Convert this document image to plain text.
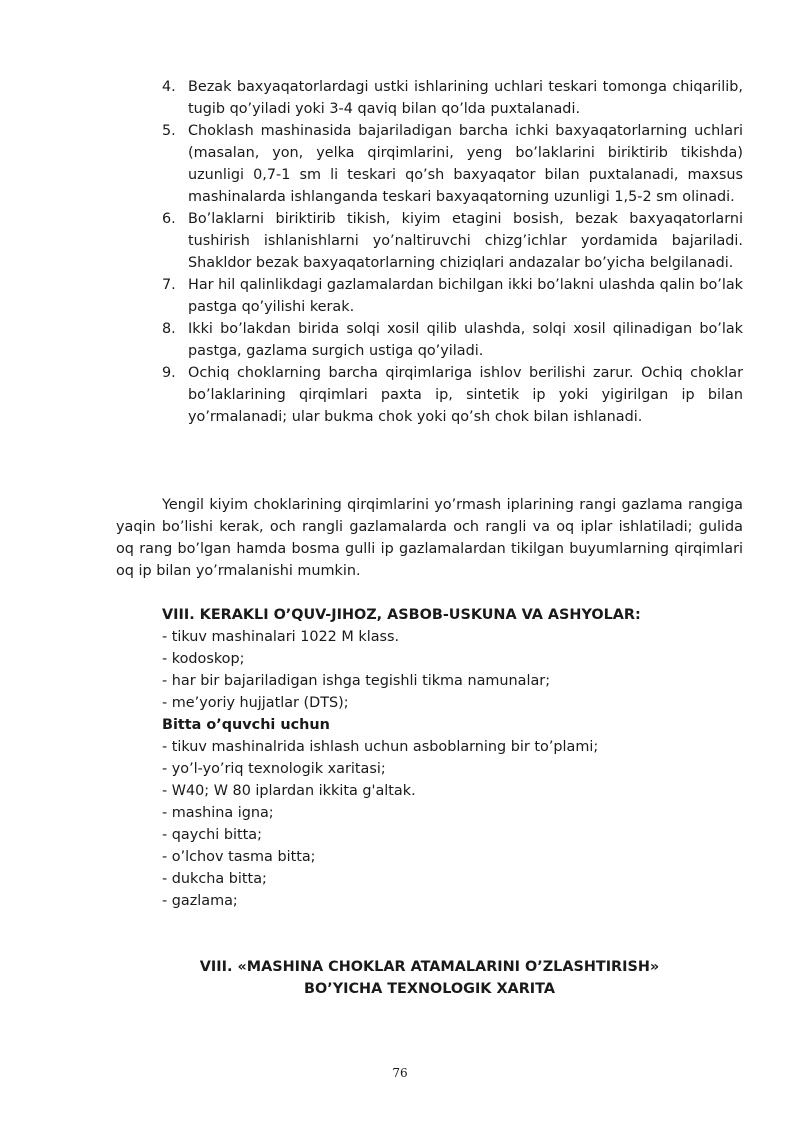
4. Bezak baxyaqatorlardagi ustki ishlarining uchlari teskari tomonga chiqarilib, tugib qo’yiladi yoki 3-4 qaviq bilan qo’lda puxtalanadi.
5. Choklash mashinasida bajariladigan barcha ichki baxyaqatorlarning uchlari (masalan, yon, yelka qirqimlarini, yeng bo’laklarini biriktirib tikishda) uzunligi 0,7-1 sm li teskari qo’sh baxyaqator bilan puxtalanadi, maxsus mashinalarda ishlanganda teskari baxyaqatorning uzunligi 1,5-2 sm olinadi.
6. Bo’laklarni biriktirib tikish, kiyim etagini bosish, bezak baxyaqatorlarni tushirish ishlanishlarni yo’naltiruvchi chizg’ichlar yordamida bajariladi. Shakldor bezak baxyaqatorlarning chiziqlari andazalar bo’yicha belgilanadi.
7. Har hil qalinlikdagi gazlamalardan bichilgan ikki bo’lakni ulashda qalin bo’lak pastga qo’yilishi kerak.
8. Ikki bo’lakdan birida solqi xosil qilib ulashda, solqi xosil qilinadigan bo’lak pastga, gazlama surgich ustiga qo’yiladi.
9. Ochiq choklarning barcha qirqimlariga ishlov berilishi zarur. Ochiq choklar bo’laklarining qirqimlari paxta ip, sintetik ip yoki yigirilgan ip bilan yo’rmalanadi; ular bukma chok yoki qo’sh chok bilan ishlanadi.

Yengil kiyim choklarining qirqimlarini yo’rmash iplarining rangi gazlama rangiga yaqin bo’lishi kerak, och rangli gazlamalarda och rangli va oq iplar ishlatiladi; gulida oq rang bo’lgan hamda bosma gulli ip gazlamalardan tikilgan buyumlarning qirqimlari oq ip bilan yo’rmalanishi mumkin.

VIII. KERAKLI O’QUV-JIHOZ, ASBOB-USKUNA VA ASHYOLAR:
- tikuv mashinalari 1022 M klass.
- kodoskop;
- har bir bajariladigan ishga tegishli tikma namunalar;
- me’yoriy hujjatlar (DTS);
Bitta o’quvchi uchun
- tikuv mashinalrida ishlash uchun asboblarning bir to’plami;
- yo’l-yo’riq texnologik xaritasi;
- W40; W 80 iplardan ikkita g'altak.
- mashina igna;
- qaychi bitta;
- o’lchov tasma bitta;
- dukcha bitta;
- gazlama;
VIII. «MASHINA CHOKLAR ATAMALARINI O’ZLASHTIRISH»
BO’YICHA TEXNOLOGIK XARITA
76
